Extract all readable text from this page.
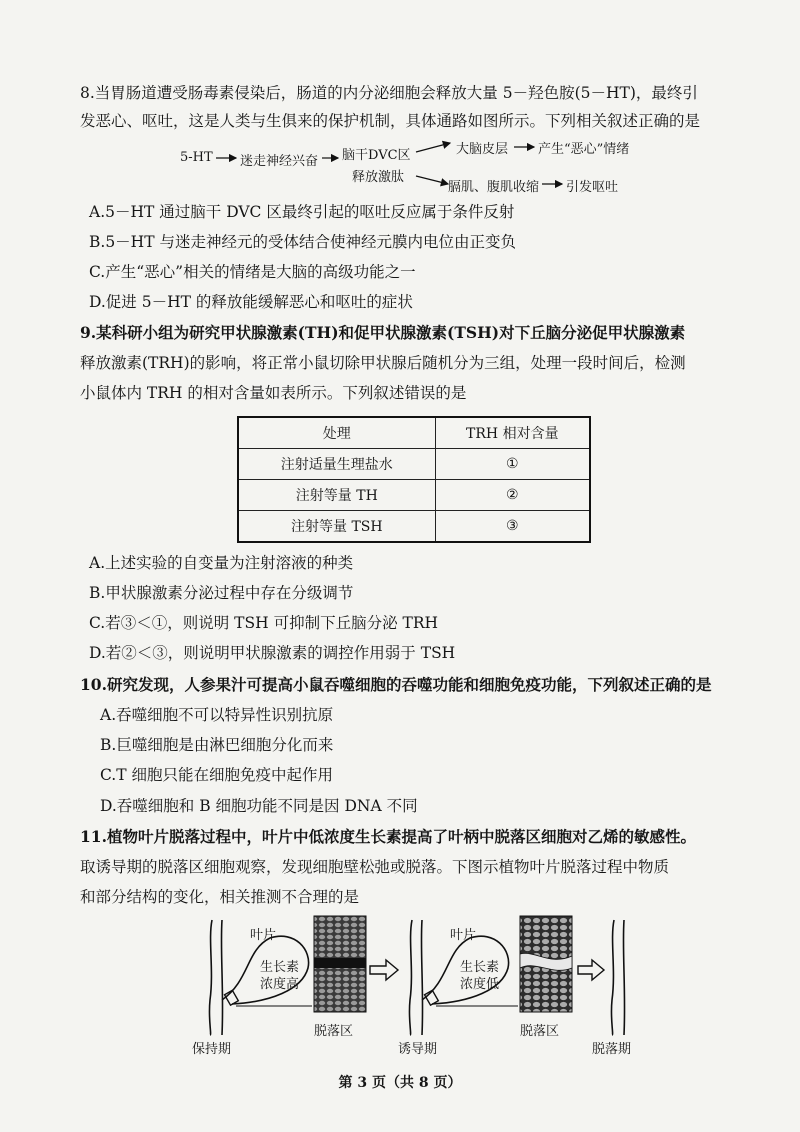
8.当胃肠道遭受肠毒素侵染后，肠道的内分泌细胞会释放大量 5－羟色胺(5－HT)，最终引
发恶心、呕吐，这是人类与生俱来的保护机制，具体通路如图所示。下列相关叙述正确的是
5-HT 迷走神经兴奋 脑干DVC区
释放激肽
大脑皮层 产生“恶心”情绪
膈肌、腹肌收缩 引发呕吐
A.5－HT 通过脑干 DVC 区最终引起的呕吐反应属于条件反射
B.5－HT 与迷走神经元的受体结合使神经元膜内电位由正变负
C.产生“恶心”相关的情绪是大脑的高级功能之一
D.促进 5－HT 的释放能缓解恶心和呕吐的症状
9.某科研小组为研究甲状腺激素(TH)和促甲状腺激素(TSH)对下丘脑分泌促甲状腺激素
释放激素(TRH)的影响，将正常小鼠切除甲状腺后随机分为三组，处理一段时间后，检测
小鼠体内 TRH 的相对含量如表所示。下列叙述错误的是
处理	TRH 相对含量
注射适量生理盐水	①
注射等量 TH	②
注射等量 TSH	③
A.上述实验的自变量为注射溶液的种类
B.甲状腺激素分泌过程中存在分级调节
C.若③＜①，则说明 TSH 可抑制下丘脑分泌 TRH
D.若②＜③，则说明甲状腺激素的调控作用弱于 TSH
10.研究发现，人参果汁可提高小鼠吞噬细胞的吞噬功能和细胞免疫功能，下列叙述正确的是
A.吞噬细胞不可以特异性识别抗原
B.巨噬细胞是由淋巴细胞分化而来
C.T 细胞只能在细胞免疫中起作用
D.吞噬细胞和 B 细胞功能不同是因 DNA 不同
11.植物叶片脱落过程中，叶片中低浓度生长素提高了叶柄中脱落区细胞对乙烯的敏感性。
取诱导期的脱落区细胞观察，发现细胞壁松弛或脱落。下图示植物叶片脱落过程中物质
和部分结构的变化，相关推测不合理的是
叶片
生长素
浓度高
保持期
脱落区
叶片
生长素
浓度低
诱导期
脱落区
脱落期
第 3 页（共 8 页）
